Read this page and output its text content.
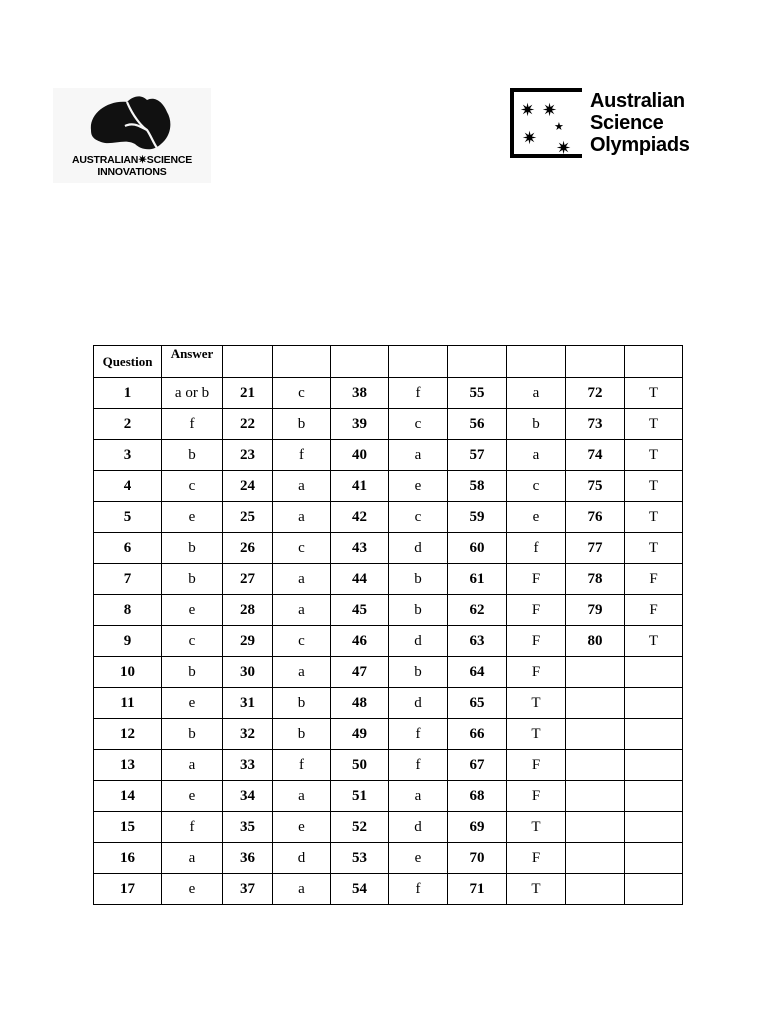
AUSTRALIAN✷SCIENCE
INNOVATIONS
✷ ✷
★
✷ ✷
Australian
Science
Olympiads
Question	Answer								
1	a or b	21	c	38	f	55	a	72	T
2	f	22	b	39	c	56	b	73	T
3	b	23	f	40	a	57	a	74	T
4	c	24	a	41	e	58	c	75	T
5	e	25	a	42	c	59	e	76	T
6	b	26	c	43	d	60	f	77	T
7	b	27	a	44	b	61	F	78	F
8	e	28	a	45	b	62	F	79	F
9	c	29	c	46	d	63	F	80	T
10	b	30	a	47	b	64	F		
11	e	31	b	48	d	65	T		
12	b	32	b	49	f	66	T		
13	a	33	f	50	f	67	F		
14	e	34	a	51	a	68	F		
15	f	35	e	52	d	69	T		
16	a	36	d	53	e	70	F		
17	e	37	a	54	f	71	T		
